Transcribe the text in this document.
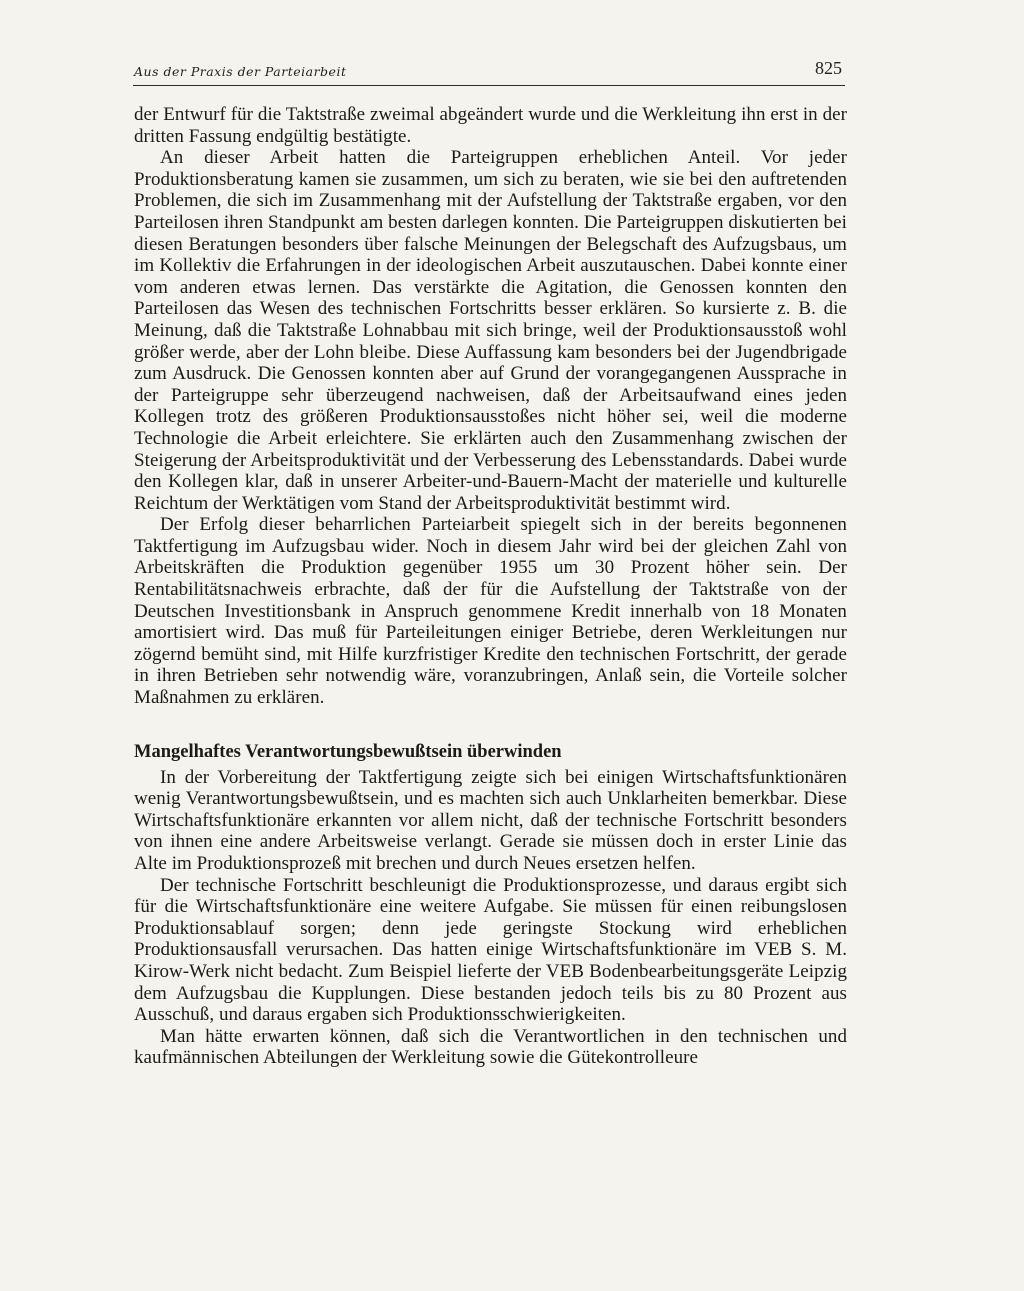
Aus der Praxis der Parteiarbeit	825

der Entwurf für die Taktstraße zweimal abgeändert wurde und die Werkleitung ihn erst in der dritten Fassung endgültig bestätigte.

An dieser Arbeit hatten die Parteigruppen erheblichen Anteil. Vor jeder Produktionsberatung kamen sie zusammen, um sich zu beraten, wie sie bei den auftretenden Problemen, die sich im Zusammenhang mit der Aufstellung der Taktstraße ergaben, vor den Parteilosen ihren Standpunkt am besten darlegen konnten. Die Parteigruppen diskutierten bei diesen Beratungen besonders über falsche Meinungen der Belegschaft des Aufzugsbaus, um im Kollektiv die Erfahrungen in der ideologischen Arbeit auszutauschen. Dabei konnte einer vom anderen etwas lernen. Das verstärkte die Agitation, die Genossen konnten den Parteilosen das Wesen des technischen Fortschritts besser erklären. So kursierte z. B. die Meinung, daß die Taktstraße Lohnabbau mit sich bringe, weil der Produktionsausstoß wohl größer werde, aber der Lohn bleibe. Diese Auffassung kam besonders bei der Jugendbrigade zum Ausdruck. Die Genossen konnten aber auf Grund der vorangegangenen Aussprache in der Parteigruppe sehr überzeugend nachweisen, daß der Arbeitsaufwand eines jeden Kollegen trotz des größeren Produktionsausstoßes nicht höher sei, weil die moderne Technologie die Arbeit erleichtere. Sie erklärten auch den Zusammenhang zwischen der Steigerung der Arbeitsproduktivität und der Verbesserung des Lebensstandards. Dabei wurde den Kollegen klar, daß in unserer Arbeiter-und-Bauern-Macht der materielle und kulturelle Reichtum der Werktätigen vom Stand der Arbeitsproduktivität bestimmt wird.

Der Erfolg dieser beharrlichen Parteiarbeit spiegelt sich in der bereits begonnenen Taktfertigung im Aufzugsbau wider. Noch in diesem Jahr wird bei der gleichen Zahl von Arbeitskräften die Produktion gegenüber 1955 um 30 Prozent höher sein. Der Rentabilitätsnachweis erbrachte, daß der für die Aufstellung der Taktstraße von der Deutschen Investitionsbank in Anspruch genommene Kredit innerhalb von 18 Monaten amortisiert wird. Das muß für Parteileitungen einiger Betriebe, deren Werkleitungen nur zögernd bemüht sind, mit Hilfe kurzfristiger Kredite den technischen Fortschritt, der gerade in ihren Betrieben sehr notwendig wäre, voranzubringen, Anlaß sein, die Vorteile solcher Maßnahmen zu erklären.

Mangelhaftes Verantwortungsbewußtsein überwinden

In der Vorbereitung der Taktfertigung zeigte sich bei einigen Wirtschaftsfunktionären wenig Verantwortungsbewußtsein, und es machten sich auch Unklarheiten bemerkbar. Diese Wirtschaftsfunktionäre erkannten vor allem nicht, daß der technische Fortschritt besonders von ihnen eine andere Arbeitsweise verlangt. Gerade sie müssen doch in erster Linie das Alte im Produktionsprozeß mit brechen und durch Neues ersetzen helfen.

Der technische Fortschritt beschleunigt die Produktionsprozesse, und daraus ergibt sich für die Wirtschaftsfunktionäre eine weitere Aufgabe. Sie müssen für einen reibungslosen Produktionsablauf sorgen; denn jede geringste Stockung wird erheblichen Produktionsausfall verursachen. Das hatten einige Wirtschaftsfunktionäre im VEB S. M. Kirow-Werk nicht bedacht. Zum Beispiel lieferte der VEB Bodenbearbeitungsgeräte Leipzig dem Aufzugsbau die Kupplungen. Diese bestanden jedoch teils bis zu 80 Prozent aus Ausschuß, und daraus ergaben sich Produktionsschwierigkeiten.

Man hätte erwarten können, daß sich die Verantwortlichen in den technischen und kaufmännischen Abteilungen der Werkleitung sowie die Gütekontrolleure
